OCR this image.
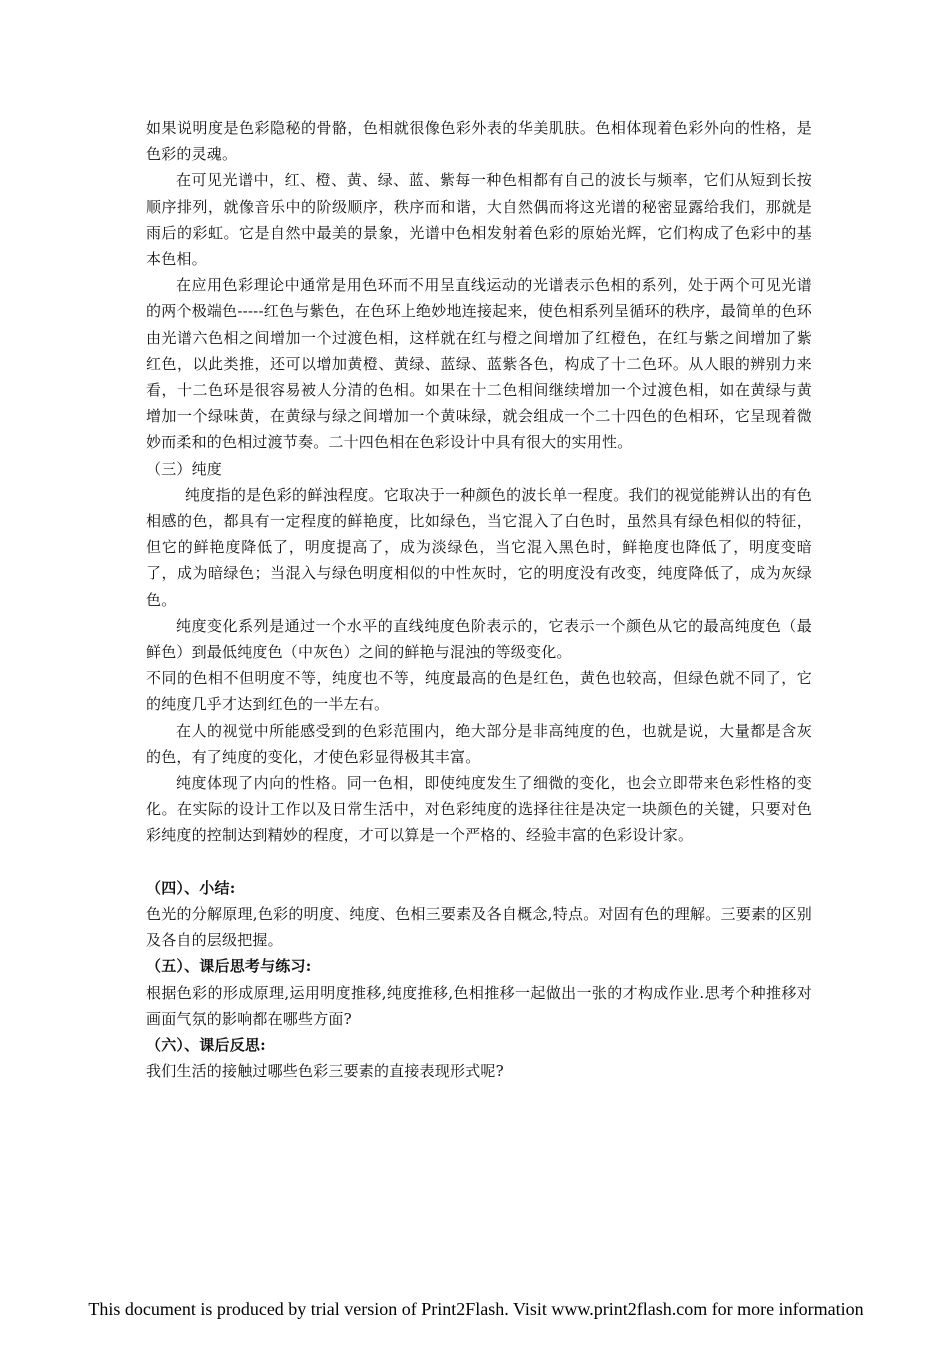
如果说明度是色彩隐秘的骨骼，色相就很像色彩外表的华美肌肤。色相体现着色彩外向的性格，是色彩的灵魂。

在可见光谱中，红、橙、黄、绿、蓝、紫每一种色相都有自己的波长与频率，它们从短到长按顺序排列，就像音乐中的阶级顺序，秩序而和谐，大自然偶而将这光谱的秘密显露给我们，那就是雨后的彩虹。它是自然中最美的景象，光谱中色相发射着色彩的原始光辉，它们构成了色彩中的基本色相。

在应用色彩理论中通常是用色环而不用呈直线运动的光谱表示色相的系列，处于两个可见光谱的两个极端色-----红色与紫色，在色环上绝妙地连接起来，使色相系列呈循环的秩序，最简单的色环由光谱六色相之间增加一个过渡色相，这样就在红与橙之间增加了红橙色，在红与紫之间增加了紫红色，以此类推，还可以增加黄橙、黄绿、蓝绿、蓝紫各色，构成了十二色环。从人眼的辨别力来看，十二色环是很容易被人分清的色相。如果在十二色相间继续增加一个过渡色相，如在黄绿与黄增加一个绿味黄，在黄绿与绿之间增加一个黄味绿，就会组成一个二十四色的色相环，它呈现着微妙而柔和的色相过渡节奏。二十四色相在色彩设计中具有很大的实用性。

（三）纯度

纯度指的是色彩的鲜浊程度。它取决于一种颜色的波长单一程度。我们的视觉能辨认出的有色相感的色，都具有一定程度的鲜艳度，比如绿色，当它混入了白色时，虽然具有绿色相似的特征，但它的鲜艳度降低了，明度提高了，成为淡绿色，当它混入黑色时，鲜艳度也降低了，明度变暗了，成为暗绿色；当混入与绿色明度相似的中性灰时，它的明度没有改变，纯度降低了，成为灰绿色。

纯度变化系列是通过一个水平的直线纯度色阶表示的，它表示一个颜色从它的最高纯度色（最鲜色）到最低纯度色（中灰色）之间的鲜艳与混浊的等级变化。

不同的色相不但明度不等，纯度也不等，纯度最高的色是红色，黄色也较高，但绿色就不同了，它的纯度几乎才达到红色的一半左右。

在人的视觉中所能感受到的色彩范围内，绝大部分是非高纯度的色，也就是说，大量都是含灰的色，有了纯度的变化，才使色彩显得极其丰富。

纯度体现了内向的性格。同一色相，即使纯度发生了细微的变化，也会立即带来色彩性格的变化。在实际的设计工作以及日常生活中，对色彩纯度的选择往往是决定一块颜色的关键，只要对色彩纯度的控制达到精妙的程度，才可以算是一个严格的、经验丰富的色彩设计家。

（四）、小结:

色光的分解原理,色彩的明度、纯度、色相三要素及各自概念,特点。对固有色的理解。三要素的区别及各自的层级把握。

（五）、课后思考与练习:

根据色彩的形成原理,运用明度推移,纯度推移,色相推移一起做出一张的才构成作业.思考个种推移对画面气氛的影响都在哪些方面?

（六）、课后反思:

我们生活的接触过哪些色彩三要素的直接表现形式呢?

This document is produced by trial version of Print2Flash. Visit www.print2flash.com for more information
